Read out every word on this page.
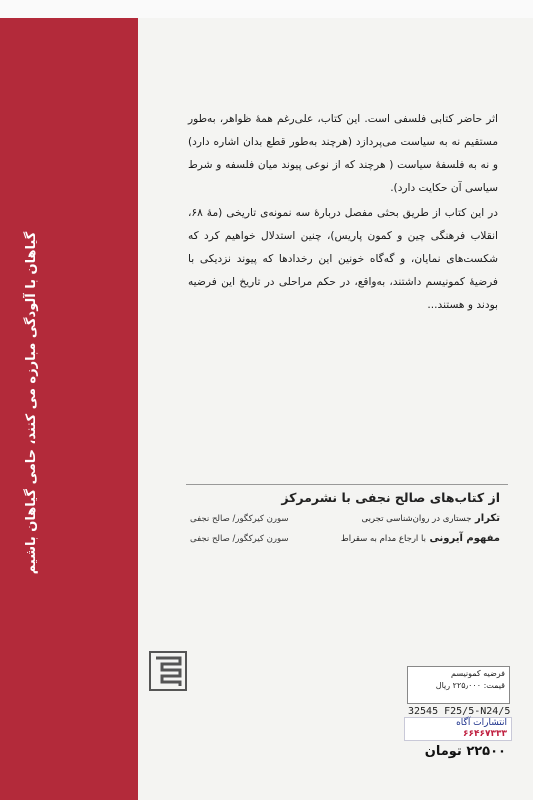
گیاهان با آلودگی مبارزه می کنند، حامی گیاهان باشیم

اثر حاضر کتابی فلسفی است. این کتاب، علی‌رغم همهٔ ظواهر، به‌طور مستقیم نه به سیاست می‌پردازد (هرچند به‌طور قطع بدان اشاره دارد) و نه به فلسفهٔ سیاست ( هرچند که از نوعی پیوند میان فلسفه و شرط سیاسی آن حکایت دارد).

در این کتاب از طریق بحثی مفصل دربارهٔ سه نمونه‌ی تاریخی (مهٔ ۶۸، انقلاب فرهنگی چین و کمون پاریس)، چنین استدلال خواهیم کرد که شکست‌های نمایان، و گه‌گاه خونین این رخدادها که پیوند نزدیکی با فرضیهٔ کمونیسم داشتند، به‌واقع، در حکم مراحلی در تاریخ این فرضیه بودند و هستند...

از کتاب‌های صالح نجفی با نشرمرکز
تکرار جستاری در روان‌شناسی تجربی
سورن کیرکگور/ صالح نجفی
مفهوم آیرونی با ارجاع مدام به سقراط
سورن کیرکگور/ صالح نجفی
فرضیه کمونیسم
قیمت: ۲۲۵٫۰۰۰ ریال
32545 F25/5-N24/5
انتشارات آگاه
۶۶۴۶۷۳۳۳
۲۲۵۰۰ تومان
